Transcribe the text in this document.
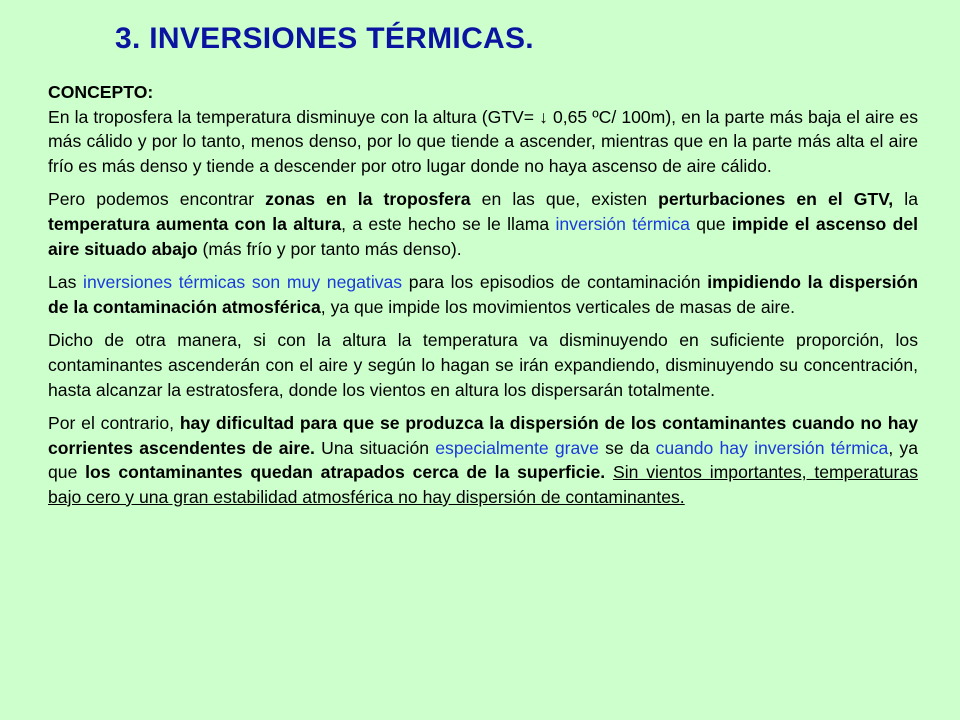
3. INVERSIONES TÉRMICAS.

CONCEPTO:
En la troposfera la temperatura disminuye con la altura (GTV= ↓ 0,65 ºC/ 100m), en la parte más baja el aire es más cálido y por lo tanto, menos denso, por lo que tiende a ascender, mientras que en la parte más alta el aire frío es más denso y tiende a descender por otro lugar donde no haya ascenso de aire cálido.

Pero podemos encontrar zonas en la troposfera en las que, existen perturbaciones en el GTV, la temperatura aumenta con la altura, a este hecho se le llama inversión térmica que impide el ascenso del aire situado abajo (más frío y por tanto más denso).

Las inversiones térmicas son muy negativas para los episodios de contaminación impidiendo la dispersión de la contaminación atmosférica, ya que impide los movimientos verticales de masas de aire.

Dicho de otra manera, si con la altura la temperatura va disminuyendo en suficiente proporción, los contaminantes ascenderán con el aire y según lo hagan se irán expandiendo, disminuyendo su concentración, hasta alcanzar la estratosfera, donde los vientos en altura los dispersarán totalmente.

Por el contrario, hay dificultad para que se produzca la dispersión de los contaminantes cuando no hay corrientes ascendentes de aire. Una situación especialmente grave se da cuando hay inversión térmica, ya que los contaminantes quedan atrapados cerca de la superficie. Sin vientos importantes, temperaturas bajo cero y una gran estabilidad atmosférica no hay dispersión de contaminantes.
